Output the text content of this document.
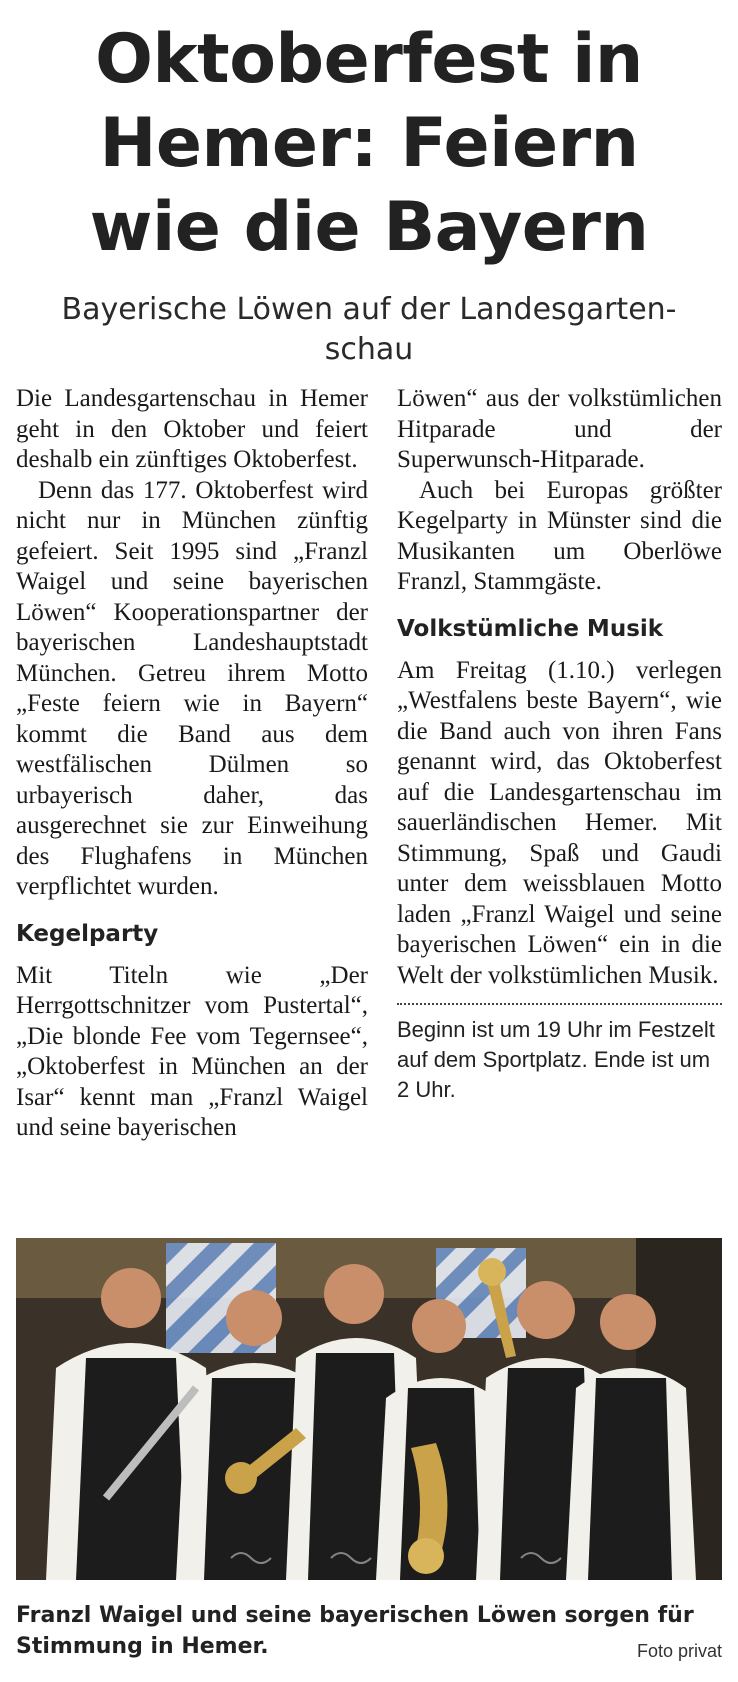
Oktoberfest in
Hemer: Feiern
wie die Bayern
Bayerische Löwen auf der Landesgarten-
schau

Die Landesgartenschau in Hemer geht in den Oktober und feiert deshalb ein zünftiges Oktoberfest.

Denn das 177. Oktoberfest wird nicht nur in München zünftig gefeiert. Seit 1995 sind „Franzl Waigel und seine bayerischen Löwen“ Kooperationspartner der bayerischen Landeshauptstadt München. Getreu ihrem Motto „Feste feiern wie in Bayern“ kommt die Band aus dem westfälischen Dülmen so urbayerisch daher, das ausgerechnet sie zur Einweihung des Flughafens in München verpflichtet wurden.

Kegelparty

Mit Titeln wie „Der Herrgottschnitzer vom Pustertal“, „Die blonde Fee vom Tegernsee“, „Oktoberfest in München an der Isar“ kennt man „Franzl Waigel und seine bayerischen

Löwen“ aus der volkstümlichen Hitparade und der Superwunsch-Hitparade.

Auch bei Europas größter Kegelparty in Münster sind die Musikanten um Oberlöwe Franzl, Stammgäste.

Volkstümliche Musik

Am Freitag (1.10.) verlegen „Westfalens beste Bayern“, wie die Band auch von ihren Fans genannt wird, das Oktoberfest auf die Landesgartenschau im sauerländischen Hemer. Mit Stimmung, Spaß und Gaudi unter dem weissblauen Motto laden „Franzl Waigel und seine bayerischen Löwen“ ein in die Welt der volkstümlichen Musik.

Beginn ist um 19 Uhr im Festzelt auf dem Sportplatz. Ende ist um 2 Uhr.
Franzl Waigel und seine bayerischen Löwen sorgen für Stimmung in Hemer.	Foto privat
